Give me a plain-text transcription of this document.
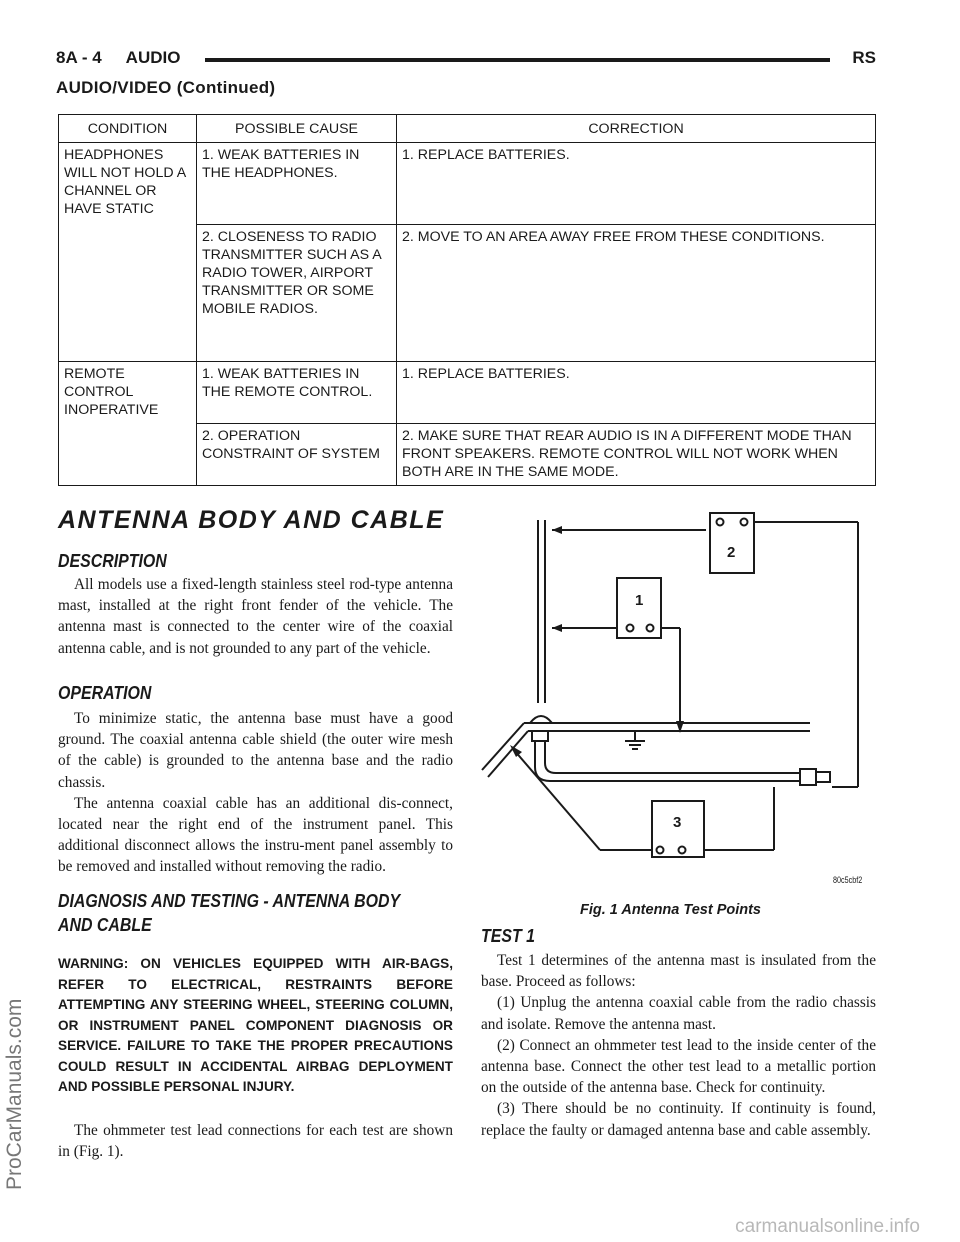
8A - 4 AUDIO	RS
AUDIO/VIDEO (Continued)
CONDITION	POSSIBLE CAUSE	CORRECTION
HEADPHONES WILL NOT HOLD A CHANNEL OR HAVE STATIC	1. WEAK BATTERIES IN THE HEADPHONES.	1. REPLACE BATTERIES.
	2. CLOSENESS TO RADIO TRANSMITTER SUCH AS A RADIO TOWER, AIRPORT TRANSMITTER OR SOME MOBILE RADIOS.	2. MOVE TO AN AREA AWAY FREE FROM THESE CONDITIONS.
REMOTE CONTROL INOPERATIVE	1. WEAK BATTERIES IN THE REMOTE CONTROL.	1. REPLACE BATTERIES.
	2. OPERATION CONSTRAINT OF SYSTEM	2. MAKE SURE THAT REAR AUDIO IS IN A DIFFERENT MODE THAN FRONT SPEAKERS. REMOTE CONTROL WILL NOT WORK WHEN BOTH ARE IN THE SAME MODE.
ANTENNA BODY AND CABLE
DESCRIPTION

All models use a fixed-length stainless steel rod-type antenna mast, installed at the right front fender of the vehicle. The antenna mast is connected to the center wire of the coaxial antenna cable, and is not grounded to any part of the vehicle.

OPERATION

To minimize static, the antenna base must have a good ground. The coaxial antenna cable shield (the outer wire mesh of the cable) is grounded to the antenna base and the radio chassis.

The antenna coaxial cable has an additional dis-connect, located near the right end of the instrument panel. This additional disconnect allows the instru-ment panel assembly to be removed and installed without removing the radio.

DIAGNOSIS AND TESTING - ANTENNA BODY
AND CABLE
WARNING: ON VEHICLES EQUIPPED WITH AIR-BAGS, REFER TO ELECTRICAL, RESTRAINTS BEFORE ATTEMPTING ANY STEERING WHEEL, STEERING COLUMN, OR INSTRUMENT PANEL COMPONENT DIAGNOSIS OR SERVICE. FAILURE TO TAKE THE PROPER PRECAUTIONS COULD RESULT IN ACCIDENTAL AIRBAG DEPLOYMENT AND POSSIBLE PERSONAL INJURY.

The ohmmeter test lead connections for each test are shown in (Fig. 1).

1
2
3
80c5cbf2
Fig. 1 Antenna Test Points
TEST 1

Test 1 determines of the antenna mast is insulated from the base. Proceed as follows:

(1) Unplug the antenna coaxial cable from the radio chassis and isolate. Remove the antenna mast.

(2) Connect an ohmmeter test lead to the inside center of the antenna base. Connect the other test lead to a metallic portion on the outside of the antenna base. Check for continuity.

(3) There should be no continuity. If continuity is found, replace the faulty or damaged antenna base and cable assembly.

ProCarManuals.com
carmanualsonline.info
